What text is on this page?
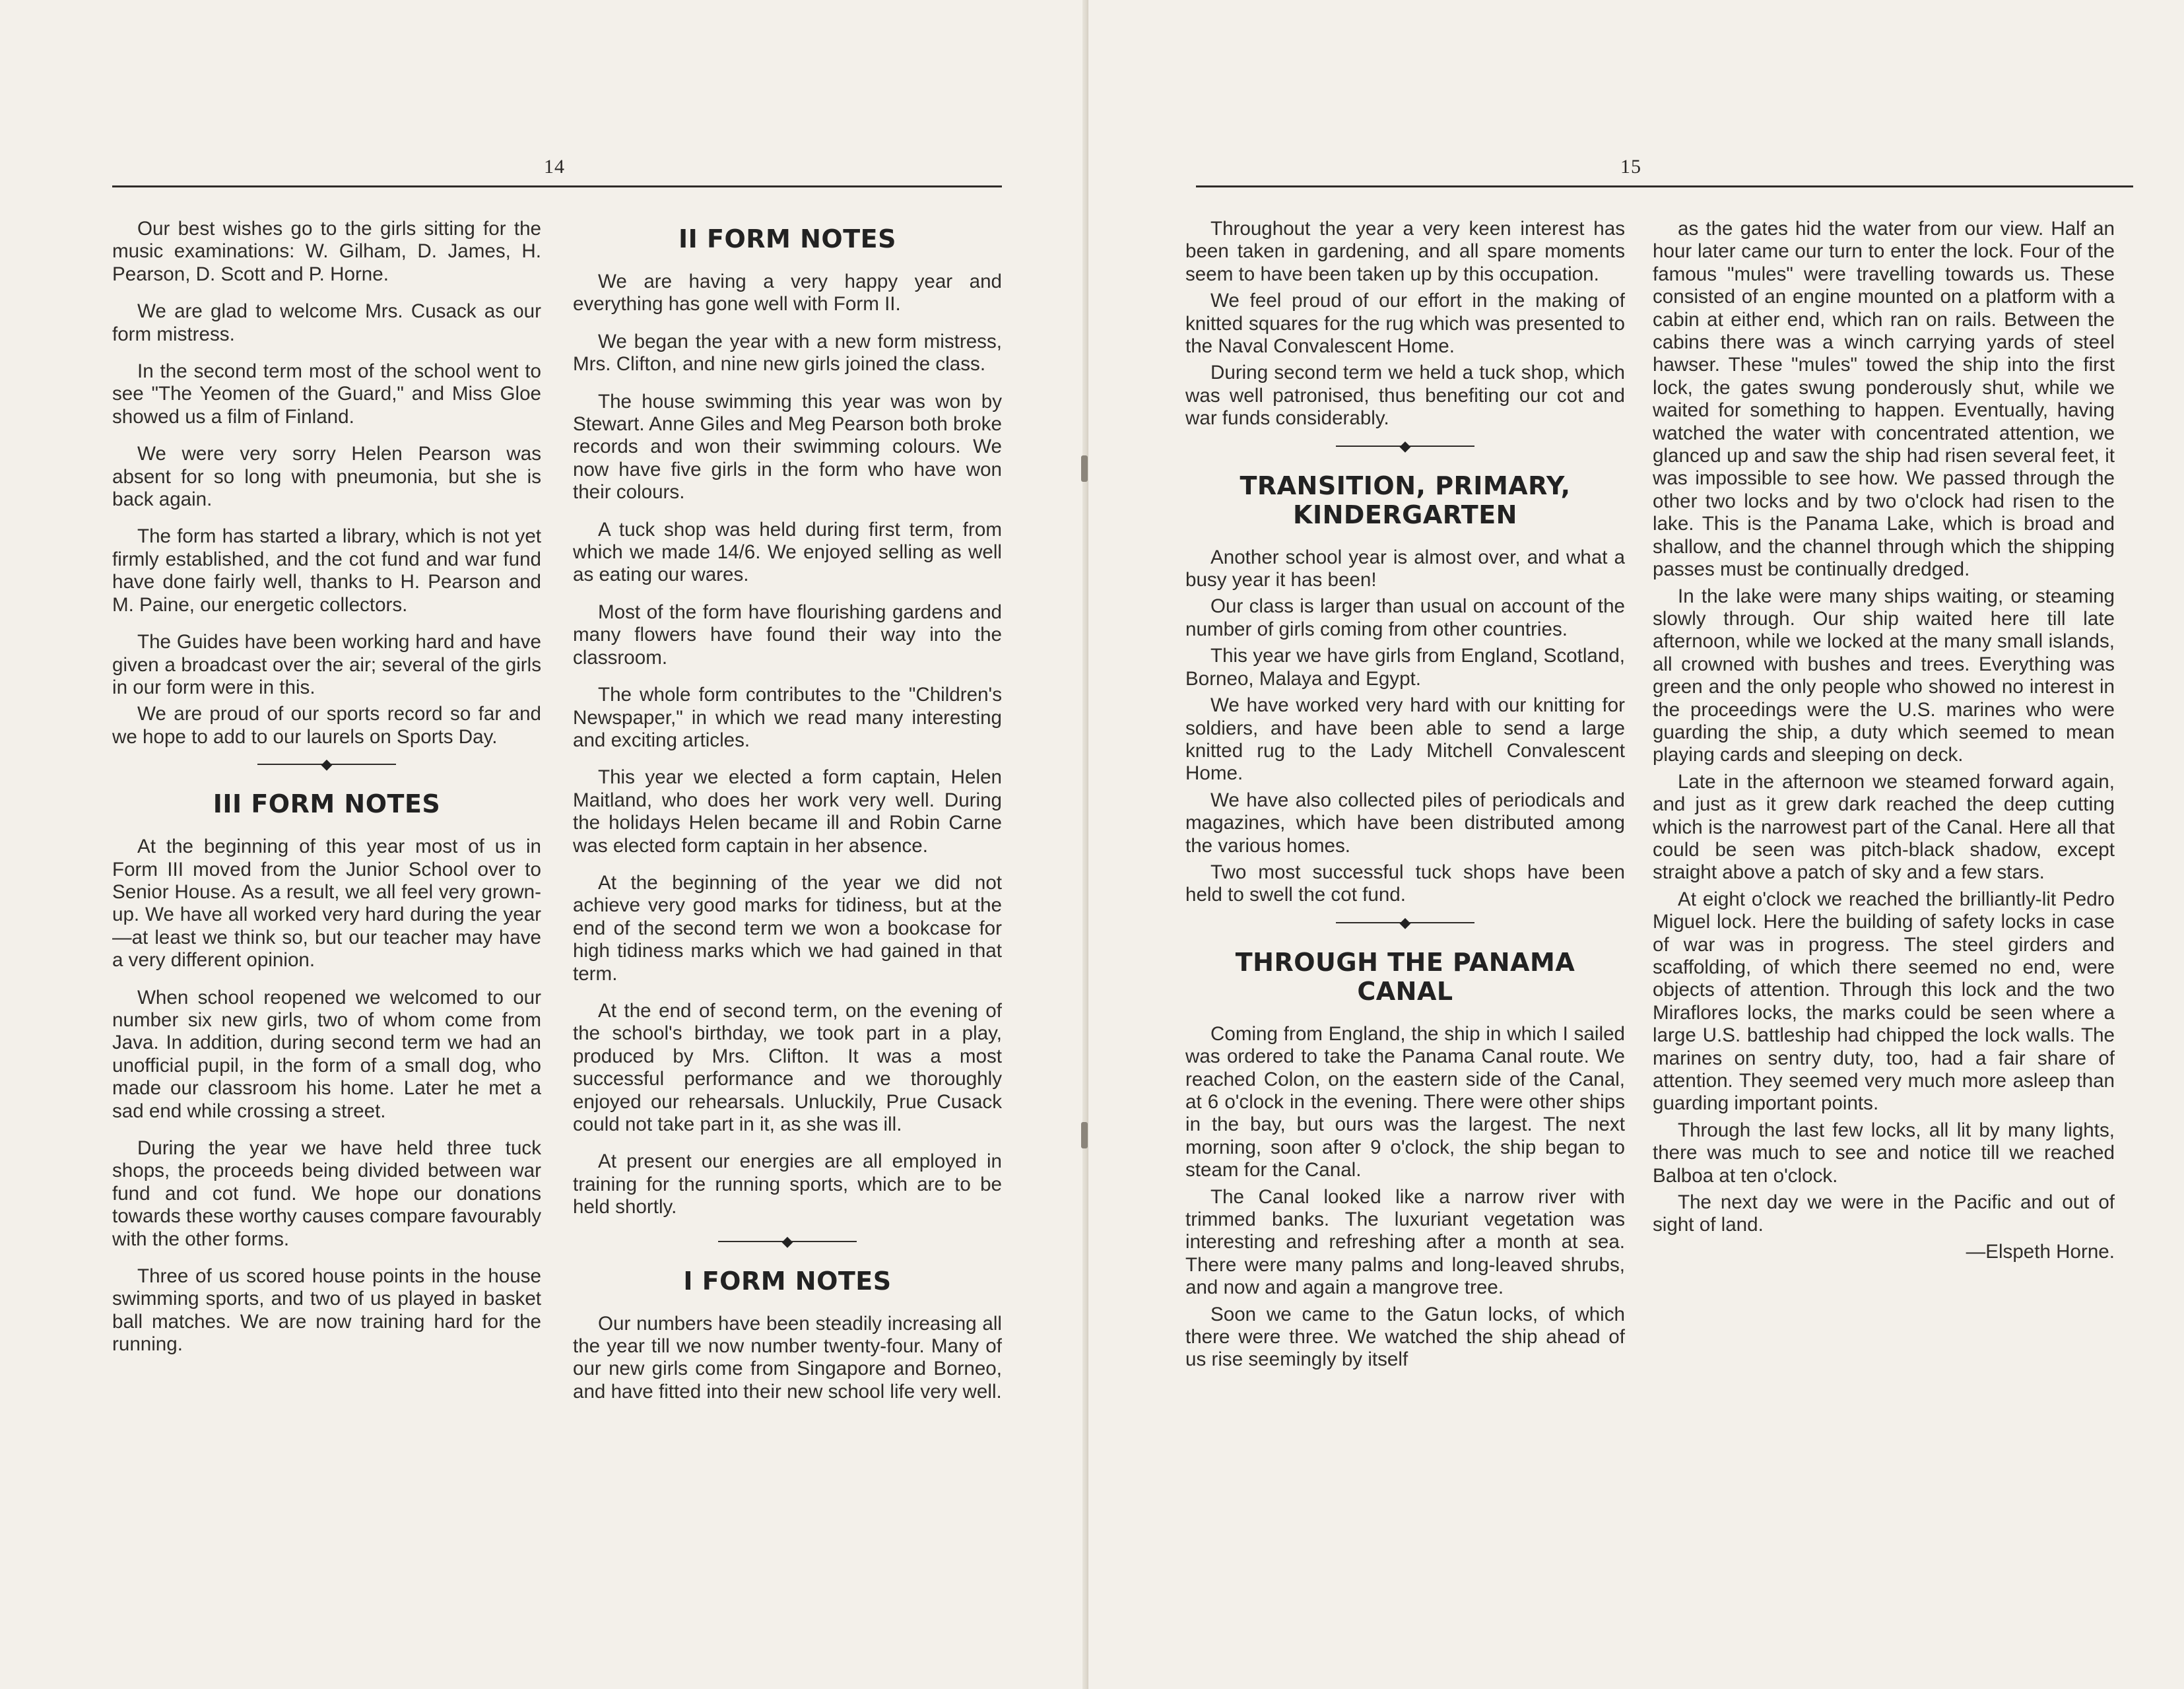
14

Our best wishes go to the girls sitting for the music examinations: W. Gilham, D. James, H. Pearson, D. Scott and P. Horne.

We are glad to welcome Mrs. Cusack as our form mistress.

In the second term most of the school went to see "The Yeomen of the Guard," and Miss Gloe showed us a film of Finland.

We were very sorry Helen Pearson was absent for so long with pneumonia, but she is back again.

The form has started a library, which is not yet firmly established, and the cot fund and war fund have done fairly well, thanks to H. Pearson and M. Paine, our energetic collectors.

The Guides have been working hard and have given a broadcast over the air; several of the girls in our form were in this.

We are proud of our sports record so far and we hope to add to our laurels on Sports Day.

◆
III FORM NOTES

At the beginning of this year most of us in Form III moved from the Junior School over to Senior House. As a result, we all feel very grown-up. We have all worked very hard during the year—at least we think so, but our teacher may have a very different opinion.

When school reopened we welcomed to our number six new girls, two of whom come from Java. In addition, during second term we had an unofficial pupil, in the form of a small dog, who made our classroom his home. Later he met a sad end while crossing a street.

During the year we have held three tuck shops, the proceeds being divided between war fund and cot fund. We hope our donations towards these worthy causes compare favourably with the other forms.

Three of us scored house points in the house swimming sports, and two of us played in basket ball matches. We are now training hard for the running.

II FORM NOTES

We are having a very happy year and everything has gone well with Form II.

We began the year with a new form mistress, Mrs. Clifton, and nine new girls joined the class.

The house swimming this year was won by Stewart. Anne Giles and Meg Pearson both broke records and won their swimming colours. We now have five girls in the form who have won their colours.

A tuck shop was held during first term, from which we made 14/6. We enjoyed selling as well as eating our wares.

Most of the form have flourishing gardens and many flowers have found their way into the classroom.

The whole form contributes to the "Children's Newspaper," in which we read many interesting and exciting articles.

This year we elected a form captain, Helen Maitland, who does her work very well. During the holidays Helen became ill and Robin Carne was elected form captain in her absence.

At the beginning of the year we did not achieve very good marks for tidiness, but at the end of the second term we won a bookcase for high tidiness marks which we had gained in that term.

At the end of second term, on the evening of the school's birthday, we took part in a play, produced by Mrs. Clifton. It was a most successful performance and we thoroughly enjoyed our rehearsals. Unluckily, Prue Cusack could not take part in it, as she was ill.

At present our energies are all employed in training for the running sports, which are to be held shortly.

◆
I FORM NOTES

Our numbers have been steadily increasing all the year till we now number twenty-four. Many of our new girls come from Singapore and Borneo, and have fitted into their new school life very well.

15

Throughout the year a very keen interest has been taken in gardening, and all spare moments seem to have been taken up by this occupation.

We feel proud of our effort in the making of knitted squares for the rug which was presented to the Naval Convalescent Home.

During second term we held a tuck shop, which was well patronised, thus benefiting our cot and war funds considerably.

◆
TRANSITION, PRIMARY, KINDERGARTEN

Another school year is almost over, and what a busy year it has been!

Our class is larger than usual on account of the number of girls coming from other countries.

This year we have girls from England, Scotland, Borneo, Malaya and Egypt.

We have worked very hard with our knitting for soldiers, and have been able to send a large knitted rug to the Lady Mitchell Convalescent Home.

We have also collected piles of periodicals and magazines, which have been distributed among the various homes.

Two most successful tuck shops have been held to swell the cot fund.

◆
THROUGH THE PANAMA CANAL

Coming from England, the ship in which I sailed was ordered to take the Panama Canal route. We reached Colon, on the eastern side of the Canal, at 6 o'clock in the evening. There were other ships in the bay, but ours was the largest. The next morning, soon after 9 o'clock, the ship began to steam for the Canal.

The Canal looked like a narrow river with trimmed banks. The luxuriant vegetation was interesting and refreshing after a month at sea. There were many palms and long-leaved shrubs, and now and again a mangrove tree.

Soon we came to the Gatun locks, of which there were three. We watched the ship ahead of us rise seemingly by itself

as the gates hid the water from our view. Half an hour later came our turn to enter the lock. Four of the famous "mules" were travelling towards us. These consisted of an engine mounted on a platform with a cabin at either end, which ran on rails. Between the cabins there was a winch carrying yards of steel hawser. These "mules" towed the ship into the first lock, the gates swung ponderously shut, while we waited for something to happen. Eventually, having watched the water with concentrated attention, we glanced up and saw the ship had risen several feet, it was impossible to see how. We passed through the other two locks and by two o'clock had risen to the lake. This is the Panama Lake, which is broad and shallow, and the channel through which the shipping passes must be continually dredged.

In the lake were many ships waiting, or steaming slowly through. Our ship waited here till late afternoon, while we locked at the many small islands, all crowned with bushes and trees. Everything was green and the only people who showed no interest in the proceedings were the U.S. marines who were guarding the ship, a duty which seemed to mean playing cards and sleeping on deck.

Late in the afternoon we steamed forward again, and just as it grew dark reached the deep cutting which is the narrowest part of the Canal. Here all that could be seen was pitch-black shadow, except straight above a patch of sky and a few stars.

At eight o'clock we reached the brilliantly-lit Pedro Miguel lock. Here the building of safety locks in case of war was in progress. The steel girders and scaffolding, of which there seemed no end, were objects of attention. Through this lock and the two Miraflores locks, the marks could be seen where a large U.S. battleship had chipped the lock walls. The marines on sentry duty, too, had a fair share of attention. They seemed very much more asleep than guarding important points.

Through the last few locks, all lit by many lights, there was much to see and notice till we reached Balboa at ten o'clock.

The next day we were in the Pacific and out of sight of land.

—Elspeth Horne.
